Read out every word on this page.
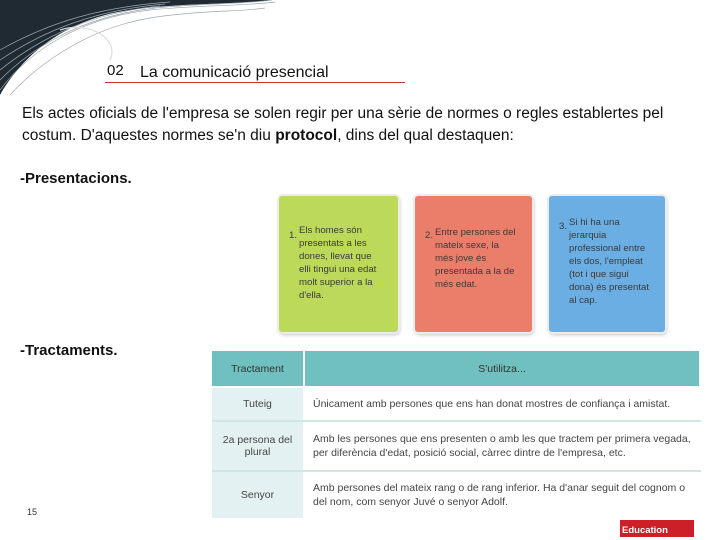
02 La comunicació presencial

Els actes oficials de l'empresa se solen regir per una sèrie de normes o regles establertes pel costum. D'aquestes normes se'n diu protocol, dins del qual destaquen:

-Presentacions.
1. Els homes són presentats a les dones, llevat que elli tingui una edat molt superior a la d'ella.
2. Entre persones del mateix sexe, la més jove és presentada a la de més edat.
3. Si hi ha una jerarquia professional entre els dos, l'empleat (tot i que sigui dona) és presentat al cap.
-Tractaments.
Tractament	S'utilitza...
Tuteig	Únicament amb persones que ens han donat mostres de confiança i amistat.
2a persona del plural	Amb les persones que ens presenten o amb les que tractem per primera vegada, per diferència d'edat, posició social, càrrec dintre de l'empresa, etc.
Senyor	Amb persones del mateix rang o de rang inferior. Ha d'anar seguit del cognom o del nom, com senyor Juvé o senyor Adolf.
15
Education
